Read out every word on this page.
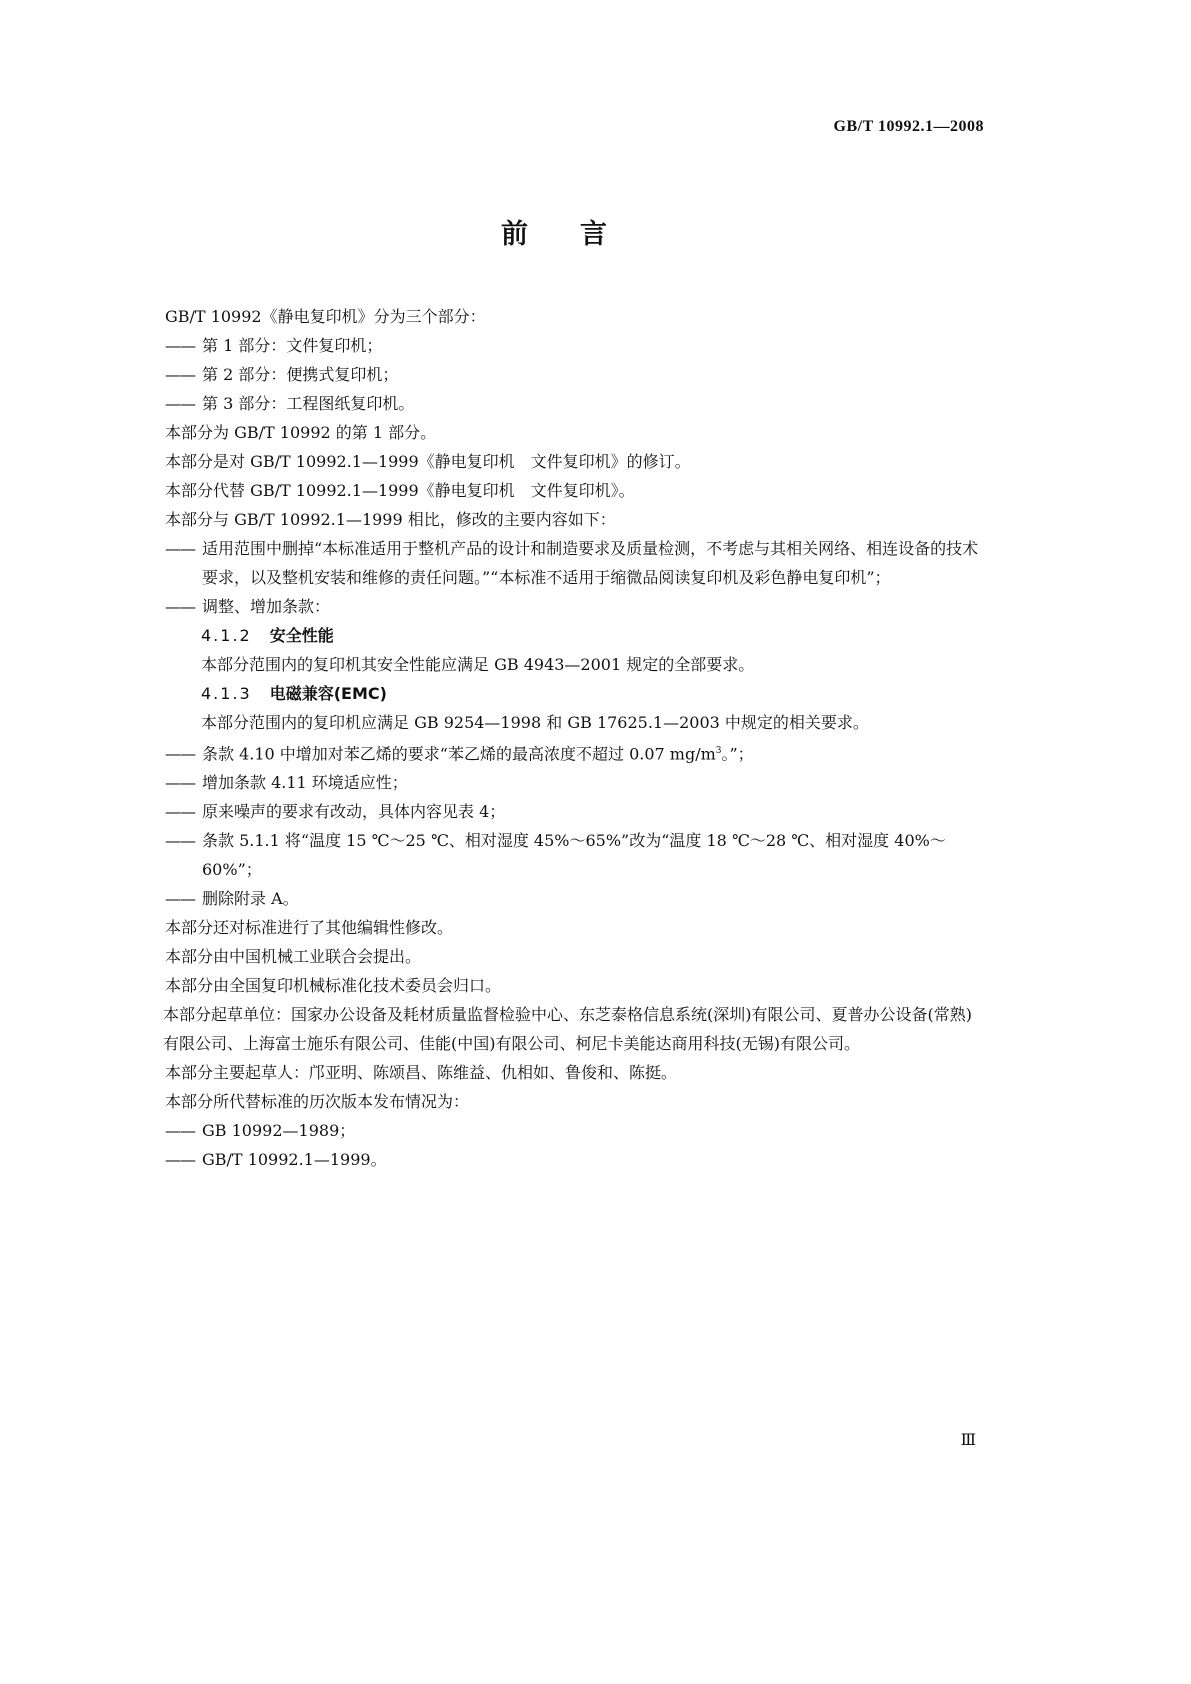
GB/T 10992.1—2008
前言
GB/T 10992《静电复印机》分为三个部分：
—— 第 1 部分：文件复印机；
—— 第 2 部分：便携式复印机；
—— 第 3 部分：工程图纸复印机。
本部分为 GB/T 10992 的第 1 部分。
本部分是对 GB/T 10992.1—1999《静电复印机　文件复印机》的修订。
本部分代替 GB/T 10992.1—1999《静电复印机　文件复印机》。
本部分与 GB/T 10992.1—1999 相比，修改的主要内容如下：
—— 适用范围中删掉“本标准适用于整机产品的设计和制造要求及质量检测，不考虑与其相关网络、相连设备的技术要求，以及整机安装和维修的责任问题。”“本标准不适用于缩微品阅读复印机及彩色静电复印机”；
—— 调整、增加条款：
4.1.2 安全性能
本部分范围内的复印机其安全性能应满足 GB 4943—2001 规定的全部要求。
4.1.3 电磁兼容(EMC)
本部分范围内的复印机应满足 GB 9254—1998 和 GB 17625.1—2003 中规定的相关要求。
—— 条款 4.10 中增加对苯乙烯的要求“苯乙烯的最高浓度不超过 0.07 $mg/m^3$。”；
—— 增加条款 4.11 环境适应性；
—— 原来噪声的要求有改动，具体内容见表 4；
—— 条款 5.1.1 将“温度 15 ℃～25 ℃、相对湿度 45%～65%”改为“温度 18 ℃～28 ℃、相对湿度 40%～60%”；
—— 删除附录 A。
本部分还对标准进行了其他编辑性修改。
本部分由中国机械工业联合会提出。
本部分由全国复印机械标准化技术委员会归口。
本部分起草单位：国家办公设备及耗材质量监督检验中心、东芝泰格信息系统(深圳)有限公司、夏普办公设备(常熟)有限公司、上海富士施乐有限公司、佳能(中国)有限公司、柯尼卡美能达商用科技(无锡)有限公司。
本部分主要起草人：邝亚明、陈颂昌、陈维益、仇相如、鲁俊和、陈挺。
本部分所代替标准的历次版本发布情况为：
—— GB 10992—1989；
—— GB/T 10992.1—1999。
Ⅲ
